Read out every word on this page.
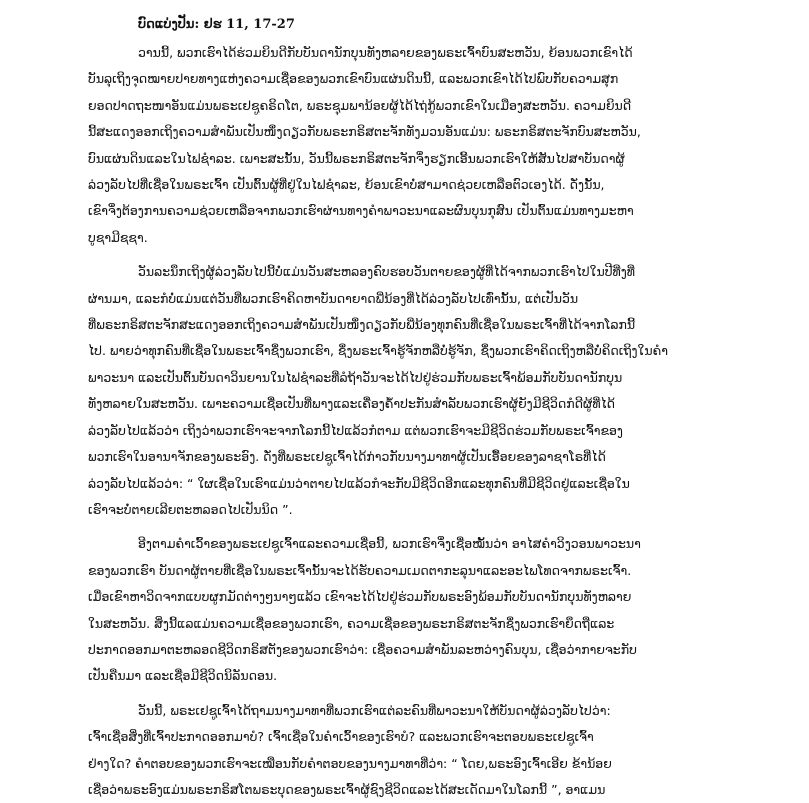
ບົດແບ່ງປັນ: ຢຮ 11, 17-27
ວານນີ້, ພວກເຮົາໄດ້ຮ່ວມຍິນດີກັບບັນດານັກບຸນທັງຫລາຍຂອງພຣະເຈົ້າບົນສະຫວັນ, ຍ້ອນພວກເຂົາໄດ້
ບັນລຸເຖິງຈຸດໝາຍປາຍທາງແຫ່ງຄວາມເຊື່ອຂອງພວກເຂົາບົນແຜ່ນດິນນີ້, ແລະພວກເຂົາໄດ້ໄປພົບກັບຄວາມສຸກ
ຍອດປາດຖະໜາອັນແມ່ນພຣະເຢຊູຄຣິດໂຕ, ພຣະຊຸມພານ້ອຍຜູ້ໄດ້ໄຖ່ກູ້ພວກເຂົາໃນເມືອງສະຫວັນ. ຄວາມຍິນດີ
ນີ້ສະແດງອອກເຖິງຄວາມສຳພັນເປັນໜຶ່ງດຽວກັບພຣະກຣິສຕະຈັກທັງມວນອັນແມ່ນ: ພຣະກຣິສຕະຈັກບົນສະຫວັນ,
ບົນແຜ່ນດິນແລະໃນໄຟຊຳລະ. ເພາະສະນັ້ນ, ວັນນີ້ພຣະກຣິສຕະຈັກຈຶ່ງຮຽກເອີ້ນພວກເຮົາໃຫ້ສັນໄປສາບັນດາຜູ້
ລ່ວງລັບໄປທີ່ເຊື່ອໃນພຣະເຈົ້າ ເປັນຕົ້ນຜູ້ທີ່ຢູ່ໃນໄຟຊຳລະ, ຍ້ອນເຂົາບໍ່ສາມາດຊ່ວຍເຫລືອຕົວເອງໄດ້. ດັ່ງນັ້ນ,
ເຂົາຈຶ່ງຕ້ອງການຄວາມຊ່ວຍເຫລືອຈາກພວກເຮົາຜ່ານທາງຄຳພາວະນາແລະຜົນບຸນກຸສົນ ເປັນຕົ້ນແມ່ນທາງມະຫາ
ບູຊາມີຊຊາ.
ວັນລະນຶກເຖິງຜູ້ລ່ວງລັບໄປນີ້ບໍ່ແມ່ນວັນສະຫລອງຄົບຮອບວັນຕາຍຂອງຜູ້ທີ່ໄດ້ຈາກພວກເຮົາໄປໃນປີທີ່ງທີ່
ຜ່ານມາ, ແລະກໍບໍ່ແມ່ນແຕ່ວັນທີ່ພວກເຮົາຄິດຫາບັນດາຍາດພີ່ນ້ອງທີ່ໄດ້ລ່ວງລັບໄປເທົ່ານັ້ນ, ແຕ່ເປັນວັນ
ທີ່ພຣະກຣິສຕະຈັກສະແດງອອກເຖິງຄວາມສຳພັນເປັນໜຶ່ງດຽວກັບພີ່ນ້ອງທຸກຄົນທີ່ເຊື່ອໃນພຣະເຈົ້າທີ່ໄດ້ຈາກໂລກນີ້
ໄປ. ພາຍວ່າທຸກຄົນທີ່ເຊື່ອໃນພຣະເຈົ້າຊຶ່ງພວກເຮົາ, ຊຶ່ງພຣະເຈົ້າຮູ້ຈັກຫລືບໍ່ຮູ້ຈັກ, ຊຶ່ງພວກເຮົາຄິດເຖິງຫລືບໍ່ຄິດເຖິງໃນຄຳ
ພາວະນາ ແລະເປັນຕົ້ນບັນດາວິນຍານໃນໄຟຊຳລະທີ່ລໍຖ້າວັນຈະໄດ້ໄປຢູ່ຮ່ວມກັບພຣະເຈົ້າພ້ອມກັບບັນດານັກບຸນ
ທັງຫລາຍໃນສະຫວັນ. ເພາະຄວາມເຊື່ອເປັນທີ່ພາງແລະເຄື່ອງຄ້ຳປະກັນສຳລັບພວກເຮົາຜູ້ຍັງມີຊີວິດກໍດີຜູ້ທີ່ໄດ້
ລ່ວງລັບໄປແລ້ວວ່າ ເຖິງວ່າພວກເຮົາຈະຈາກໂລກນີ້ໄປແລ້ວກໍຕາມ ແຕ່ພວກເຮົາຈະມີຊີວິດຮ່ວມກັບພຣະເຈົ້າຂອງ
ພວກເຮົາໃນອານາຈັກຂອງພຣະອົງ. ດັ່ງທີ່ພຣະເຢຊູເຈົ້າໄດ້ກ່າວກັບນາງມາທາຜູ້ເປັນເອື້ອຍຂອງລາຊາໂຣທີ່ໄດ້
ລ່ວງລັບໄປແລ້ວວ່າ: “ ໃຜເຊື່ອໃນເຮົາແມ່ນວ່າຕາຍໄປແລ້ວກໍຈະກັບມີຊີວິດອີກແລະທຸກຄົນທີ່ມີຊີວິດຢູ່ແລະເຊື່ອໃນ
ເຮົາຈະບໍ່ຕາຍເລີຍຕະຫລອດໄປເປັນນິດ ”.
ອີງຕາມຄຳເວົ້າຂອງພຣະເຢຊູເຈົ້າແລະຄວາມເຊື່ອນີ້, ພວກເຮົາຈຶ່ງເຊື່ອໝັ້ນວ່າ ອາໄສຄຳວິງວອນພາວະນາ
ຂອງພວກເຮົາ ບັນດາຜູ້ຕາຍທີ່ເຊື່ອໃນພຣະເຈົ້ານັ້ນຈະໄດ້ຮັບຄວາມເມດຕາກະລຸນາແລະອະໄພໂທດຈາກພຣະເຈົ້າ.
ເມື່ອເຂົາຫາວິດຈາກແບບຜູກມັດຕ່າງໆນາໆແລ້ວ ເຂົາຈະໄດ້ໄປຢູ່ຮ່ວມກັບພຣະອົງພ້ອມກັບບັນດານັກບຸນທັງຫລາຍ
ໃນສະຫວັນ. ສິ່ງນີ້ແລແມ່ນຄວາມເຊື່ອຂອງພວກເຮົາ, ຄວາມເຊື່ອຂອງພຣະກຣິສຕະຈັກຊຶ່ງພວກເຮົາຍຶດຖືແລະ
ປະກາດອອກມາຕະຫລອດຊີວິດກຣິສຕັງຂອງພວກເຮົາວ່າ: ເຊື່ອຄວາມສຳພັນລະຫວ່າງຄົນບຸນ, ເຊື່ອວ່າກາຍຈະກັບ
ເປັນຄືນມາ ແລະເຊື່ອມີຊີວິດນິລັນດອນ.
ວັນນີ້, ພຣະເຢຊູເຈົ້າໄດ້ຖາມນາງມາທາທີ່ພວກເຮົາແຕ່ລະຄົນທີ່ພາວະນາໃຫ້ບັນດາຜູ້ລ່ວງລັບໄປວ່າ:
ເຈົ້າເຊື່ອສິ່ງທີ່ເຈົ້າປະກາດອອກມາບໍ? ເຈົ້າເຊື່ອໃນຄຳເວົ້າຂອງເຮົາບໍ? ແລະພວກເຮົາຈະຕອບພຣະເຢຊູເຈົ້າ
ຢ່າງໃດ? ຄຳຕອບຂອງພວກເຮົາຈະເໝືອນກັບຄຳຕອບຂອງນາງມາທາທີ່ວ່າ: “ ໂດຍ,ພຣະອົງເຈົ້າເອີຍ ຂ້ານ້ອຍ
ເຊື່ອວ່າພຣະອົງແມ່ນພຣະກຣິສໂຕພຣະບຸດຂອງພຣະເຈົ້າຜູ້ຊົງຊີວິດແລະໄດ້ສະເດັດມາໃນໂລກນີ້ ”, ອາແມນ
